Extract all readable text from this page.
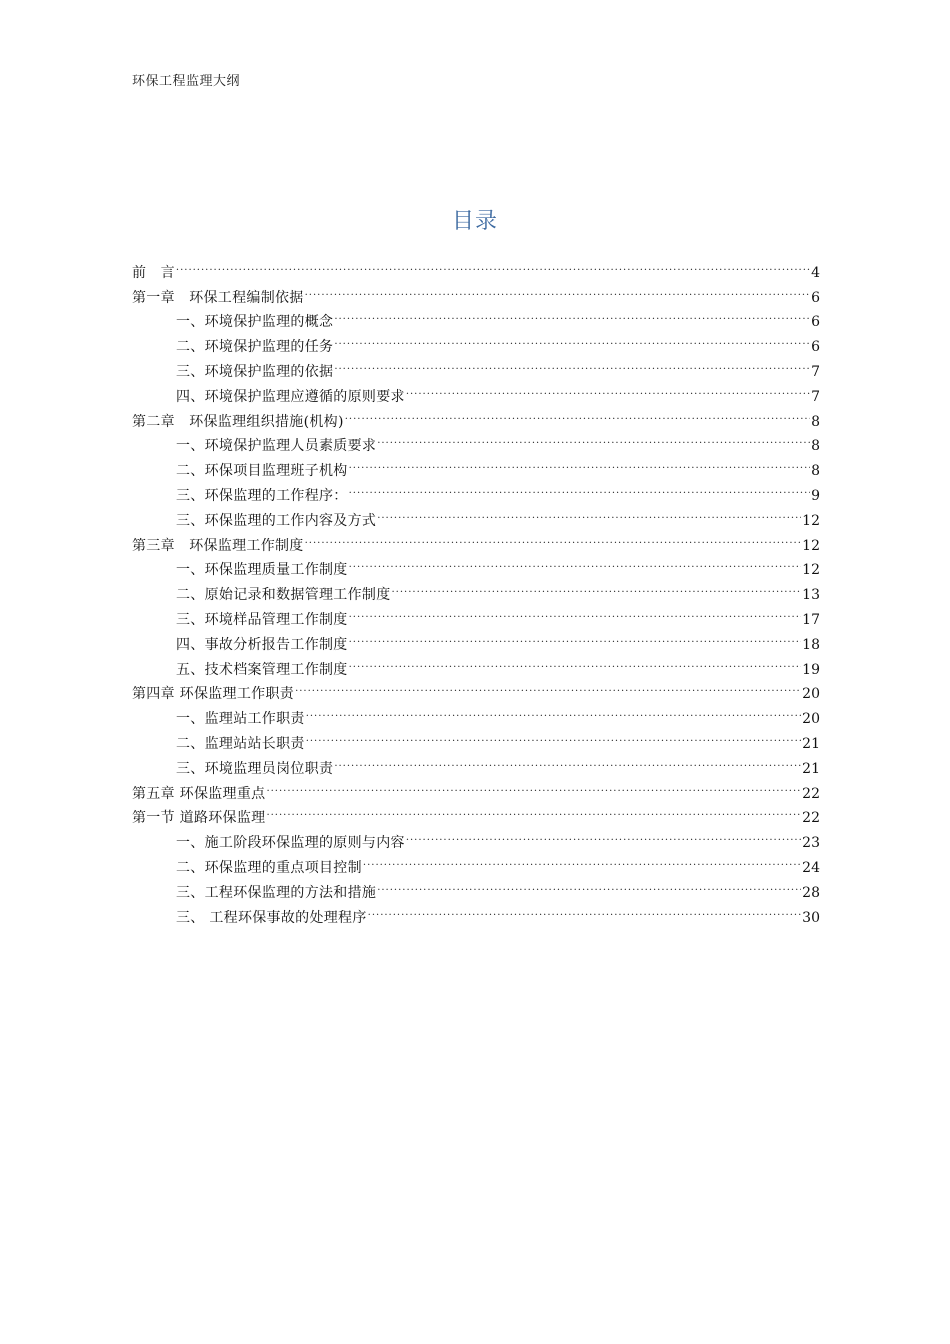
环保工程监理大纲
目录
前　言 .....	4
第一章　环保工程编制依据 .....	6
一、环境保护监理的概念 .....	6
二、环境保护监理的任务 .....	6
三、环境保护监理的依据 .....	7
四、环境保护监理应遵循的原则要求 .....	7
第二章　环保监理组织措施(机构) .....	8
一、环境保护监理人员素质要求 .....	8
二、环保项目监理班子机构 .....	8
三、环保监理的工作程序： .....	9
三、环保监理的工作内容及方式 .....	12
第三章　环保监理工作制度 .....	12
一、环保监理质量工作制度 .....	12
二、原始记录和数据管理工作制度 .....	13
三、环境样品管理工作制度 .....	17
四、事故分析报告工作制度 .....	18
五、技术档案管理工作制度 .....	19
第四章 环保监理工作职责 .....	20
一、监理站工作职责 .....	20
二、监理站站长职责 .....	21
三、环境监理员岗位职责 .....	21
第五章 环保监理重点 .....	22
第一节 道路环保监理 .....	22
一、施工阶段环保监理的原则与内容 .....	23
二、环保监理的重点项目控制 .....	24
三、工程环保监理的方法和措施 .....	28
三、 工程环保事故的处理程序 .....	30
